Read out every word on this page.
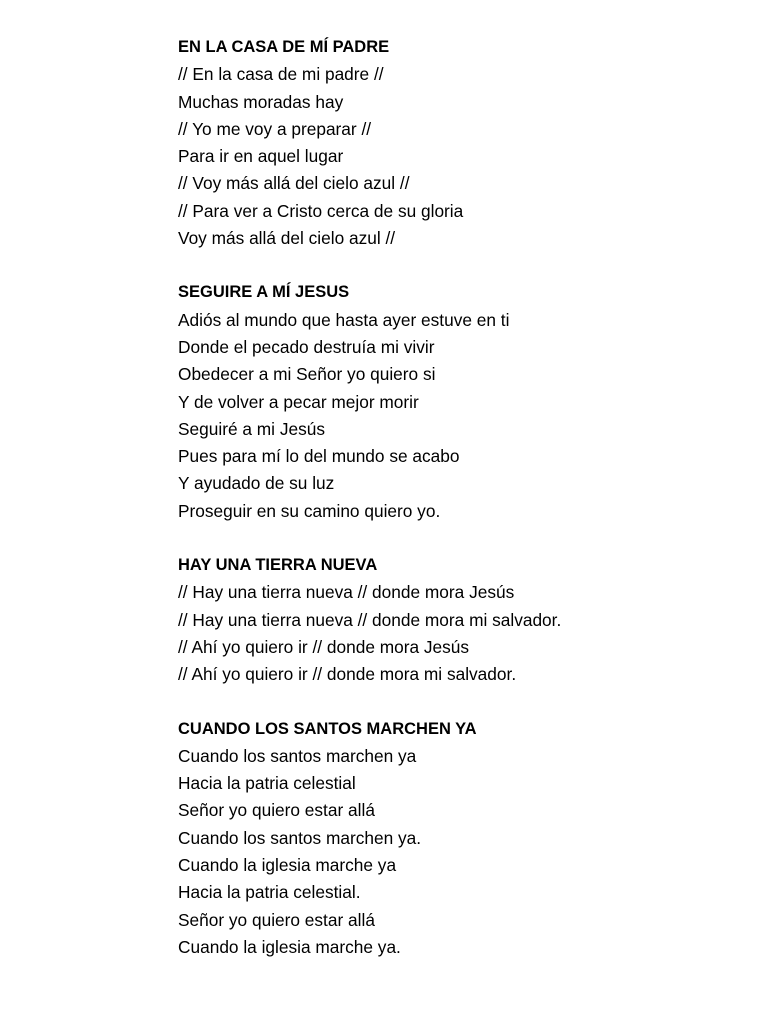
EN LA CASA DE MÍ PADRE
// En la casa de mi padre //
Muchas moradas hay
// Yo me voy a preparar //
Para ir en aquel lugar
// Voy más allá del cielo azul //
// Para ver a Cristo cerca de su gloria
Voy más allá del cielo azul //
SEGUIRE A MÍ JESUS
Adiós al mundo que hasta ayer estuve en ti
Donde el pecado destruía mi vivir
Obedecer a mi Señor yo quiero si
Y de volver a pecar mejor morir
Seguiré a mi Jesús
Pues para mí lo del mundo se acabo
Y ayudado de su luz
Proseguir en su camino quiero yo.
HAY UNA TIERRA NUEVA
// Hay una tierra nueva // donde mora Jesús
// Hay una tierra nueva // donde mora mi salvador.
// Ahí yo quiero ir // donde mora Jesús
// Ahí yo quiero ir // donde mora mi salvador.
CUANDO LOS SANTOS MARCHEN YA
Cuando los santos marchen ya
Hacia la patria celestial
Señor yo quiero estar allá
Cuando los santos marchen ya.
Cuando la iglesia marche ya
Hacia la patria celestial.
Señor yo quiero estar allá
Cuando la iglesia marche ya.
